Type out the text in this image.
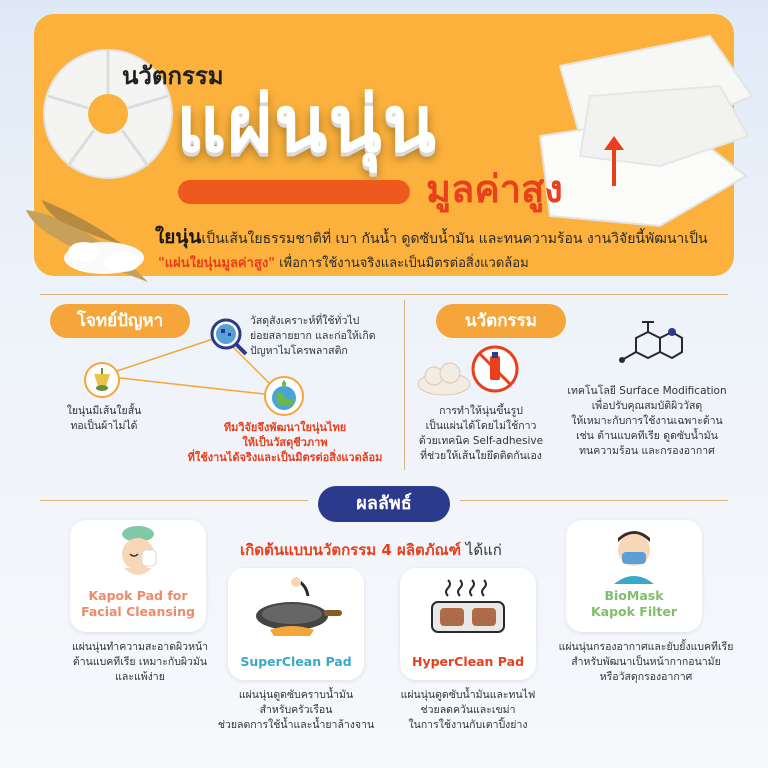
นวัตกรรม
แผ่นนุ่น
มูลค่าสูง
ใยนุ่นเป็นเส้นใยธรรมชาติที่ เบา กันน้ำ ดูดซับน้ำมัน และทนความร้อน งานวิจัยนี้พัฒนาเป็น
"แผ่นใยนุ่นมูลค่าสูง" เพื่อการใช้งานจริงและเป็นมิตรต่อสิ่งแวดล้อม
โจทย์ปัญหา	นวัตกรรม
วัสดุสังเคราะห์ที่ใช้ทั่วไป
ย่อยสลายยาก และก่อให้เกิด
ปัญหาไมโครพลาสติก
ใยนุ่นมีเส้นใยสั้น
ทอเป็นผ้าไม่ได้	ทีมวิจัยจึงพัฒนาใยนุ่นไทย
ให้เป็นวัสดุชีวภาพ
ที่ใช้งานได้จริงและเป็นมิตรต่อสิ่งแวดล้อม
การทำให้นุ่นขึ้นรูป
เป็นแผ่นได้โดยไม่ใช้กาว
ด้วยเทคนิค Self-adhesive
ที่ช่วยให้เส้นใยยึดติดกันเอง
เทคโนโลยี Surface Modification
เพื่อปรับคุณสมบัติผิววัสดุ
ให้เหมาะกับการใช้งานเฉพาะด้าน
เช่น ต้านแบคทีเรีย ดูดซับน้ำมัน
ทนความร้อน และกรองอากาศ
ผลลัพธ์
เกิดต้นแบบนวัตกรรม 4 ผลิตภัณฑ์ ได้แก่
Kapok Pad for
Facial Cleansing
แผ่นนุ่นทำความสะอาดผิวหน้า
ต้านแบคทีเรีย เหมาะกับผิวมัน
และแพ้ง่าย
SuperClean Pad
แผ่นนุ่นดูดซับคราบน้ำมัน
สำหรับครัวเรือน
ช่วยลดการใช้น้ำและน้ำยาล้างจาน
HyperClean Pad
แผ่นนุ่นดูดซับน้ำมันและทนไฟ
ช่วยลดควันและเขม่า
ในการใช้งานกับเตาปิ้งย่าง
BioMask
Kapok Filter
แผ่นนุ่นกรองอากาศและยับยั้งแบคทีเรีย
สำหรับพัฒนาเป็นหน้ากากอนามัย
หรือวัสดุกรองอากาศ
